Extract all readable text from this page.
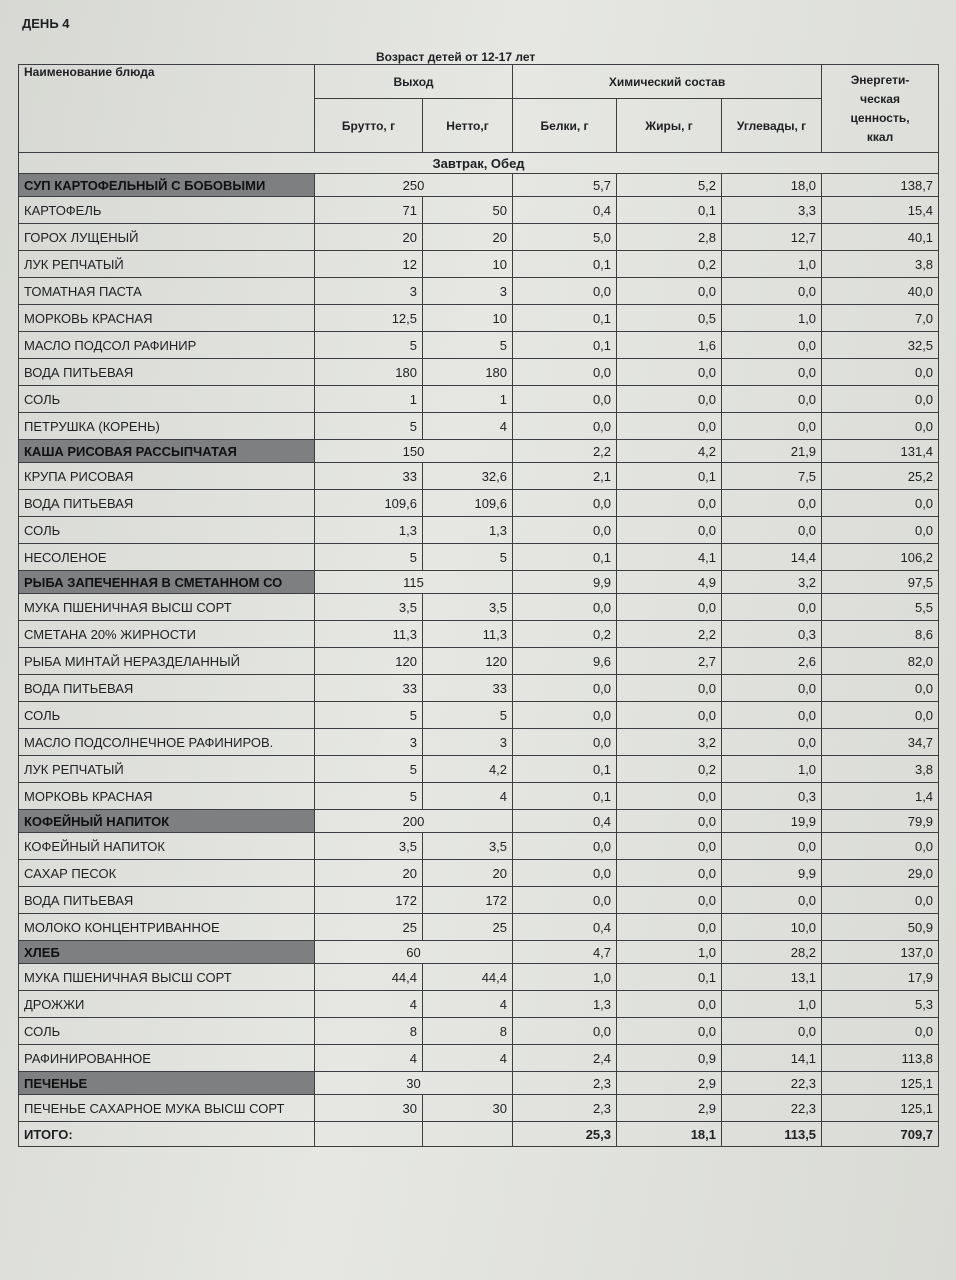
ДЕНЬ 4
Возраст детей от 12-17 лет
Наименование блюда	Выход		Химический состав			Энергети-
ческая
ценность,
ккал

	Брутто, г	Нетто,г	Белки, г	Жиры, г	Углевады, г	
Завтрак, Обед						
СУП КАРТОФЕЛЬНЫЙ С БОБОВЫМИ	250		5,7	5,2	18,0	138,7
КАРТОФЕЛЬ	71	50	0,4	0,1	3,3	15,4
ГОРОХ ЛУЩЕНЫЙ	20	20	5,0	2,8	12,7	40,1
ЛУК РЕПЧАТЫЙ	12	10	0,1	0,2	1,0	3,8
ТОМАТНАЯ ПАСТА	3	3	0,0	0,0	0,0	40,0
МОРКОВЬ КРАСНАЯ	12,5	10	0,1	0,5	1,0	7,0
МАСЛО ПОДСОЛ РАФИНИР	5	5	0,1	1,6	0,0	32,5
ВОДА ПИТЬЕВАЯ	180	180	0,0	0,0	0,0	0,0
СОЛЬ	1	1	0,0	0,0	0,0	0,0
ПЕТРУШКА (КОРЕНЬ)	5	4	0,0	0,0	0,0	0,0
КАША РИСОВАЯ РАССЫПЧАТАЯ	150		2,2	4,2	21,9	131,4
КРУПА РИСОВАЯ	33	32,6	2,1	0,1	7,5	25,2
ВОДА ПИТЬЕВАЯ	109,6	109,6	0,0	0,0	0,0	0,0
СОЛЬ	1,3	1,3	0,0	0,0	0,0	0,0
НЕСОЛЕНОЕ	5	5	0,1	4,1	14,4	106,2
РЫБА ЗАПЕЧЕННАЯ В СМЕТАННОМ СО	115		9,9	4,9	3,2	97,5
МУКА ПШЕНИЧНАЯ ВЫСШ СОРТ	3,5	3,5	0,0	0,0	0,0	5,5
СМЕТАНА 20% ЖИРНОСТИ	11,3	11,3	0,2	2,2	0,3	8,6
РЫБА МИНТАЙ НЕРАЗДЕЛАННЫЙ	120	120	9,6	2,7	2,6	82,0
ВОДА ПИТЬЕВАЯ	33	33	0,0	0,0	0,0	0,0
СОЛЬ	5	5	0,0	0,0	0,0	0,0
МАСЛО ПОДСОЛНЕЧНОЕ РАФИНИРОВ.	3	3	0,0	3,2	0,0	34,7
ЛУК РЕПЧАТЫЙ	5	4,2	0,1	0,2	1,0	3,8
МОРКОВЬ КРАСНАЯ	5	4	0,1	0,0	0,3	1,4
КОФЕЙНЫЙ НАПИТОК	200		0,4	0,0	19,9	79,9
КОФЕЙНЫЙ НАПИТОК	3,5	3,5	0,0	0,0	0,0	0,0
САХАР ПЕСОК	20	20	0,0	0,0	9,9	29,0
ВОДА ПИТЬЕВАЯ	172	172	0,0	0,0	0,0	0,0
МОЛОКО КОНЦЕНТРИВАННОЕ	25	25	0,4	0,0	10,0	50,9
ХЛЕБ	60		4,7	1,0	28,2	137,0
МУКА ПШЕНИЧНАЯ ВЫСШ СОРТ	44,4	44,4	1,0	0,1	13,1	17,9
ДРОЖЖИ	4	4	1,3	0,0	1,0	5,3
СОЛЬ	8	8	0,0	0,0	0,0	0,0
РАФИНИРОВАННОЕ	4	4	2,4	0,9	14,1	113,8
ПЕЧЕНЬЕ	30		2,3	2,9	22,3	125,1
ПЕЧЕНЬЕ САХАРНОЕ МУКА ВЫСШ СОРТ	30	30	2,3	2,9	22,3	125,1
ИТОГО:			25,3	18,1	113,5	709,7
